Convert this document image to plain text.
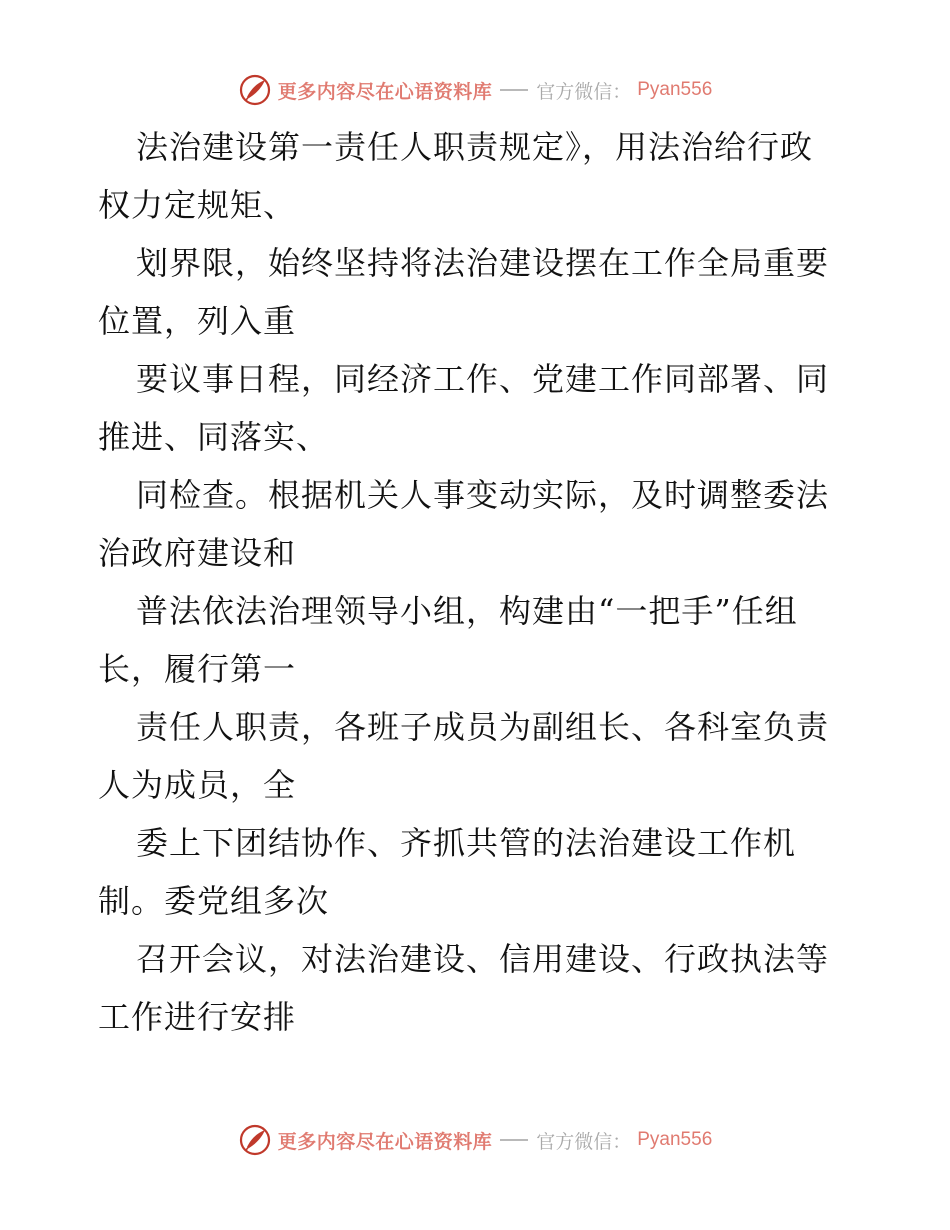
更多内容尽在心语资料库 官方微信： Pyan556
法治建设第一责任人职责规定》，用法治给行政
权力定规矩、
划界限，始终坚持将法治建设摆在工作全局重要
位置，列入重
要议事日程，同经济工作、党建工作同部署、同
推进、同落实、
同检查。根据机关人事变动实际，及时调整委法
治政府建设和
普法依法治理领导小组，构建由“一把手”任组
长，履行第一
责任人职责，各班子成员为副组长、各科室负责
人为成员，全
委上下团结协作、齐抓共管的法治建设工作机
制。委党组多次
召开会议，对法治建设、信用建设、行政执法等
工作进行安排
更多内容尽在心语资料库 官方微信： Pyan556
